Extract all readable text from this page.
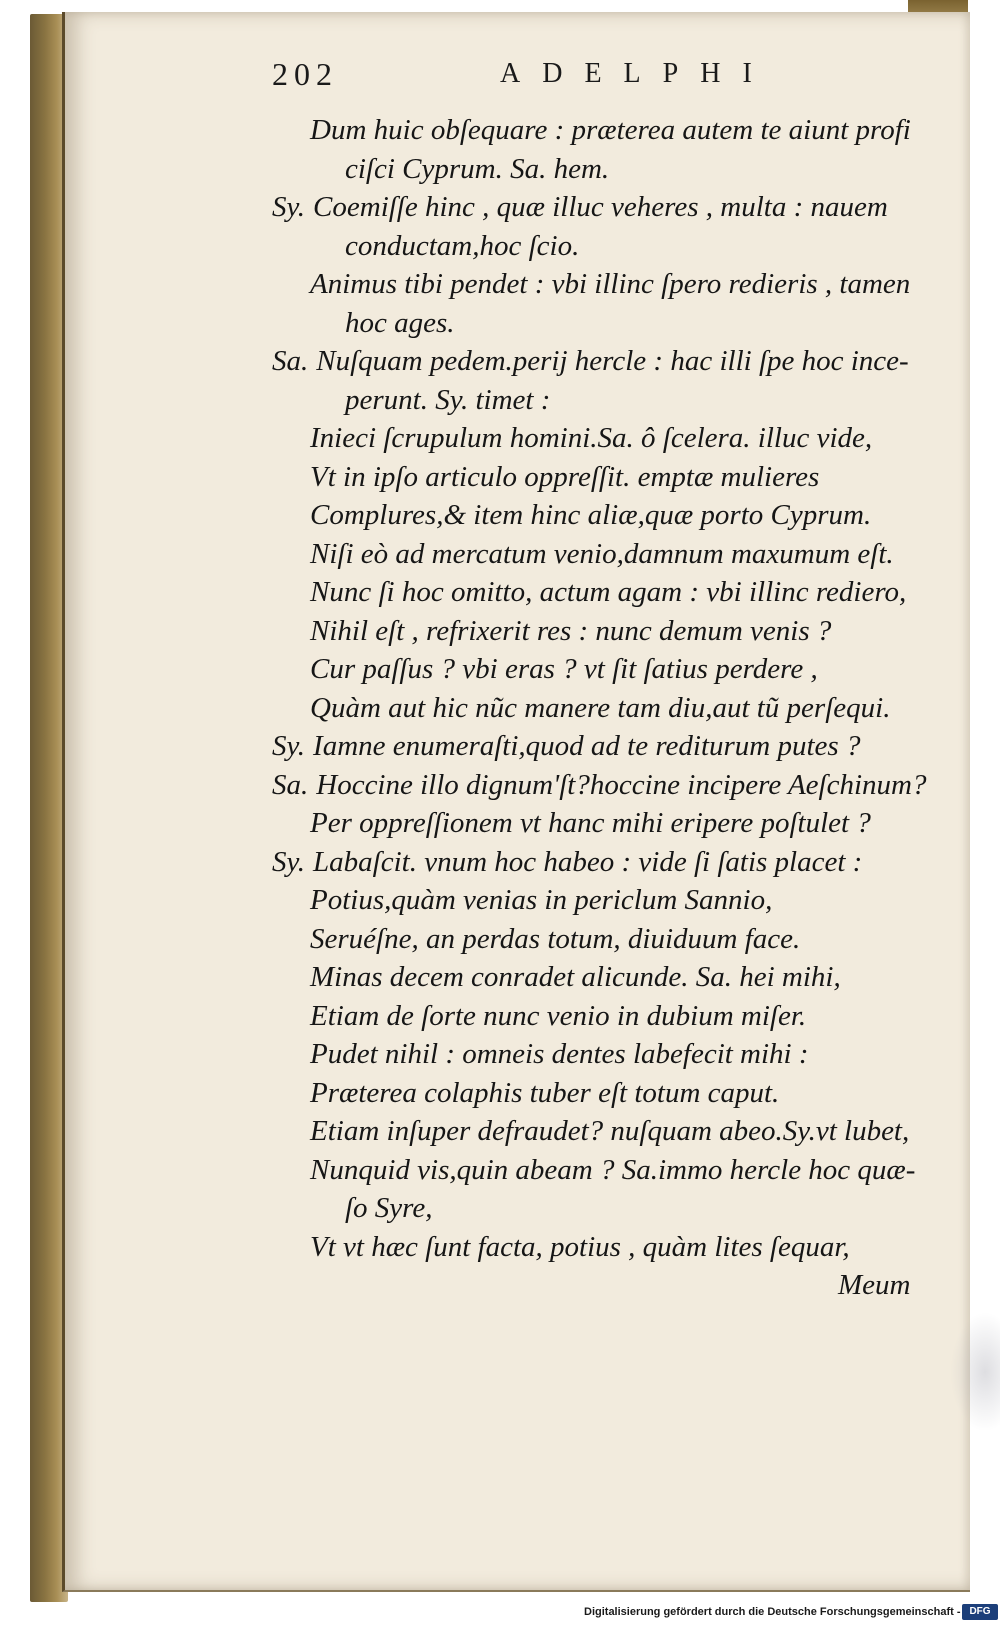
202	ADELPHI
Dum huic obſequare : præterea autem te aiunt profi
ciſci Cyprum. Sa. hem.
Sy. Coemiſſe hinc , quæ illuc veheres , multa : nauem
conductam,hoc ſcio.
Animus tibi pendet : vbi illinc ſpero redieris , tamen
hoc ages.
Sa. Nuſquam pedem.perij hercle : hac illi ſpe hoc ince-
perunt. Sy. timet :
Inieci ſcrupulum homini.Sa. ô ſcelera. illuc vide,
Vt in ipſo articulo oppreſſit. emptæ mulieres
Complures,& item hinc aliæ,quæ porto Cyprum.
Niſi eò ad mercatum venio,damnum maxumum eſt.
Nunc ſi hoc omitto, actum agam : vbi illinc rediero,
Nihil eſt , refrixerit res : nunc demum venis ?
Cur paſſus ? vbi eras ? vt ſit ſatius perdere ,
Quàm aut hic nũc manere tam diu,aut tũ perſequi.
Sy. Iamne enumeraſti,quod ad te rediturum putes ?
Sa. Hoccine illo dignum'ſt?hoccine incipere Aeſchinum?
Per oppreſſionem vt hanc mihi eripere poſtulet ?
Sy. Labaſcit. vnum hoc habeo : vide ſi ſatis placet :
Potius,quàm venias in periclum Sannio,
Seruéſne, an perdas totum, diuiduum face.
Minas decem conradet alicunde. Sa. hei mihi,
Etiam de ſorte nunc venio in dubium miſer.
Pudet nihil : omneis dentes labefecit mihi :
Præterea colaphis tuber eſt totum caput.
Etiam inſuper defraudet? nuſquam abeo.Sy.vt lubet,
Nunquid vis,quin abeam ? Sa.immo hercle hoc quæ-
ſo Syre,
Vt vt hæc ſunt facta, potius , quàm lites ſequar,
Meum
Digitalisierung gefördert durch die Deutsche Forschungsgemeinschaft - DFG
